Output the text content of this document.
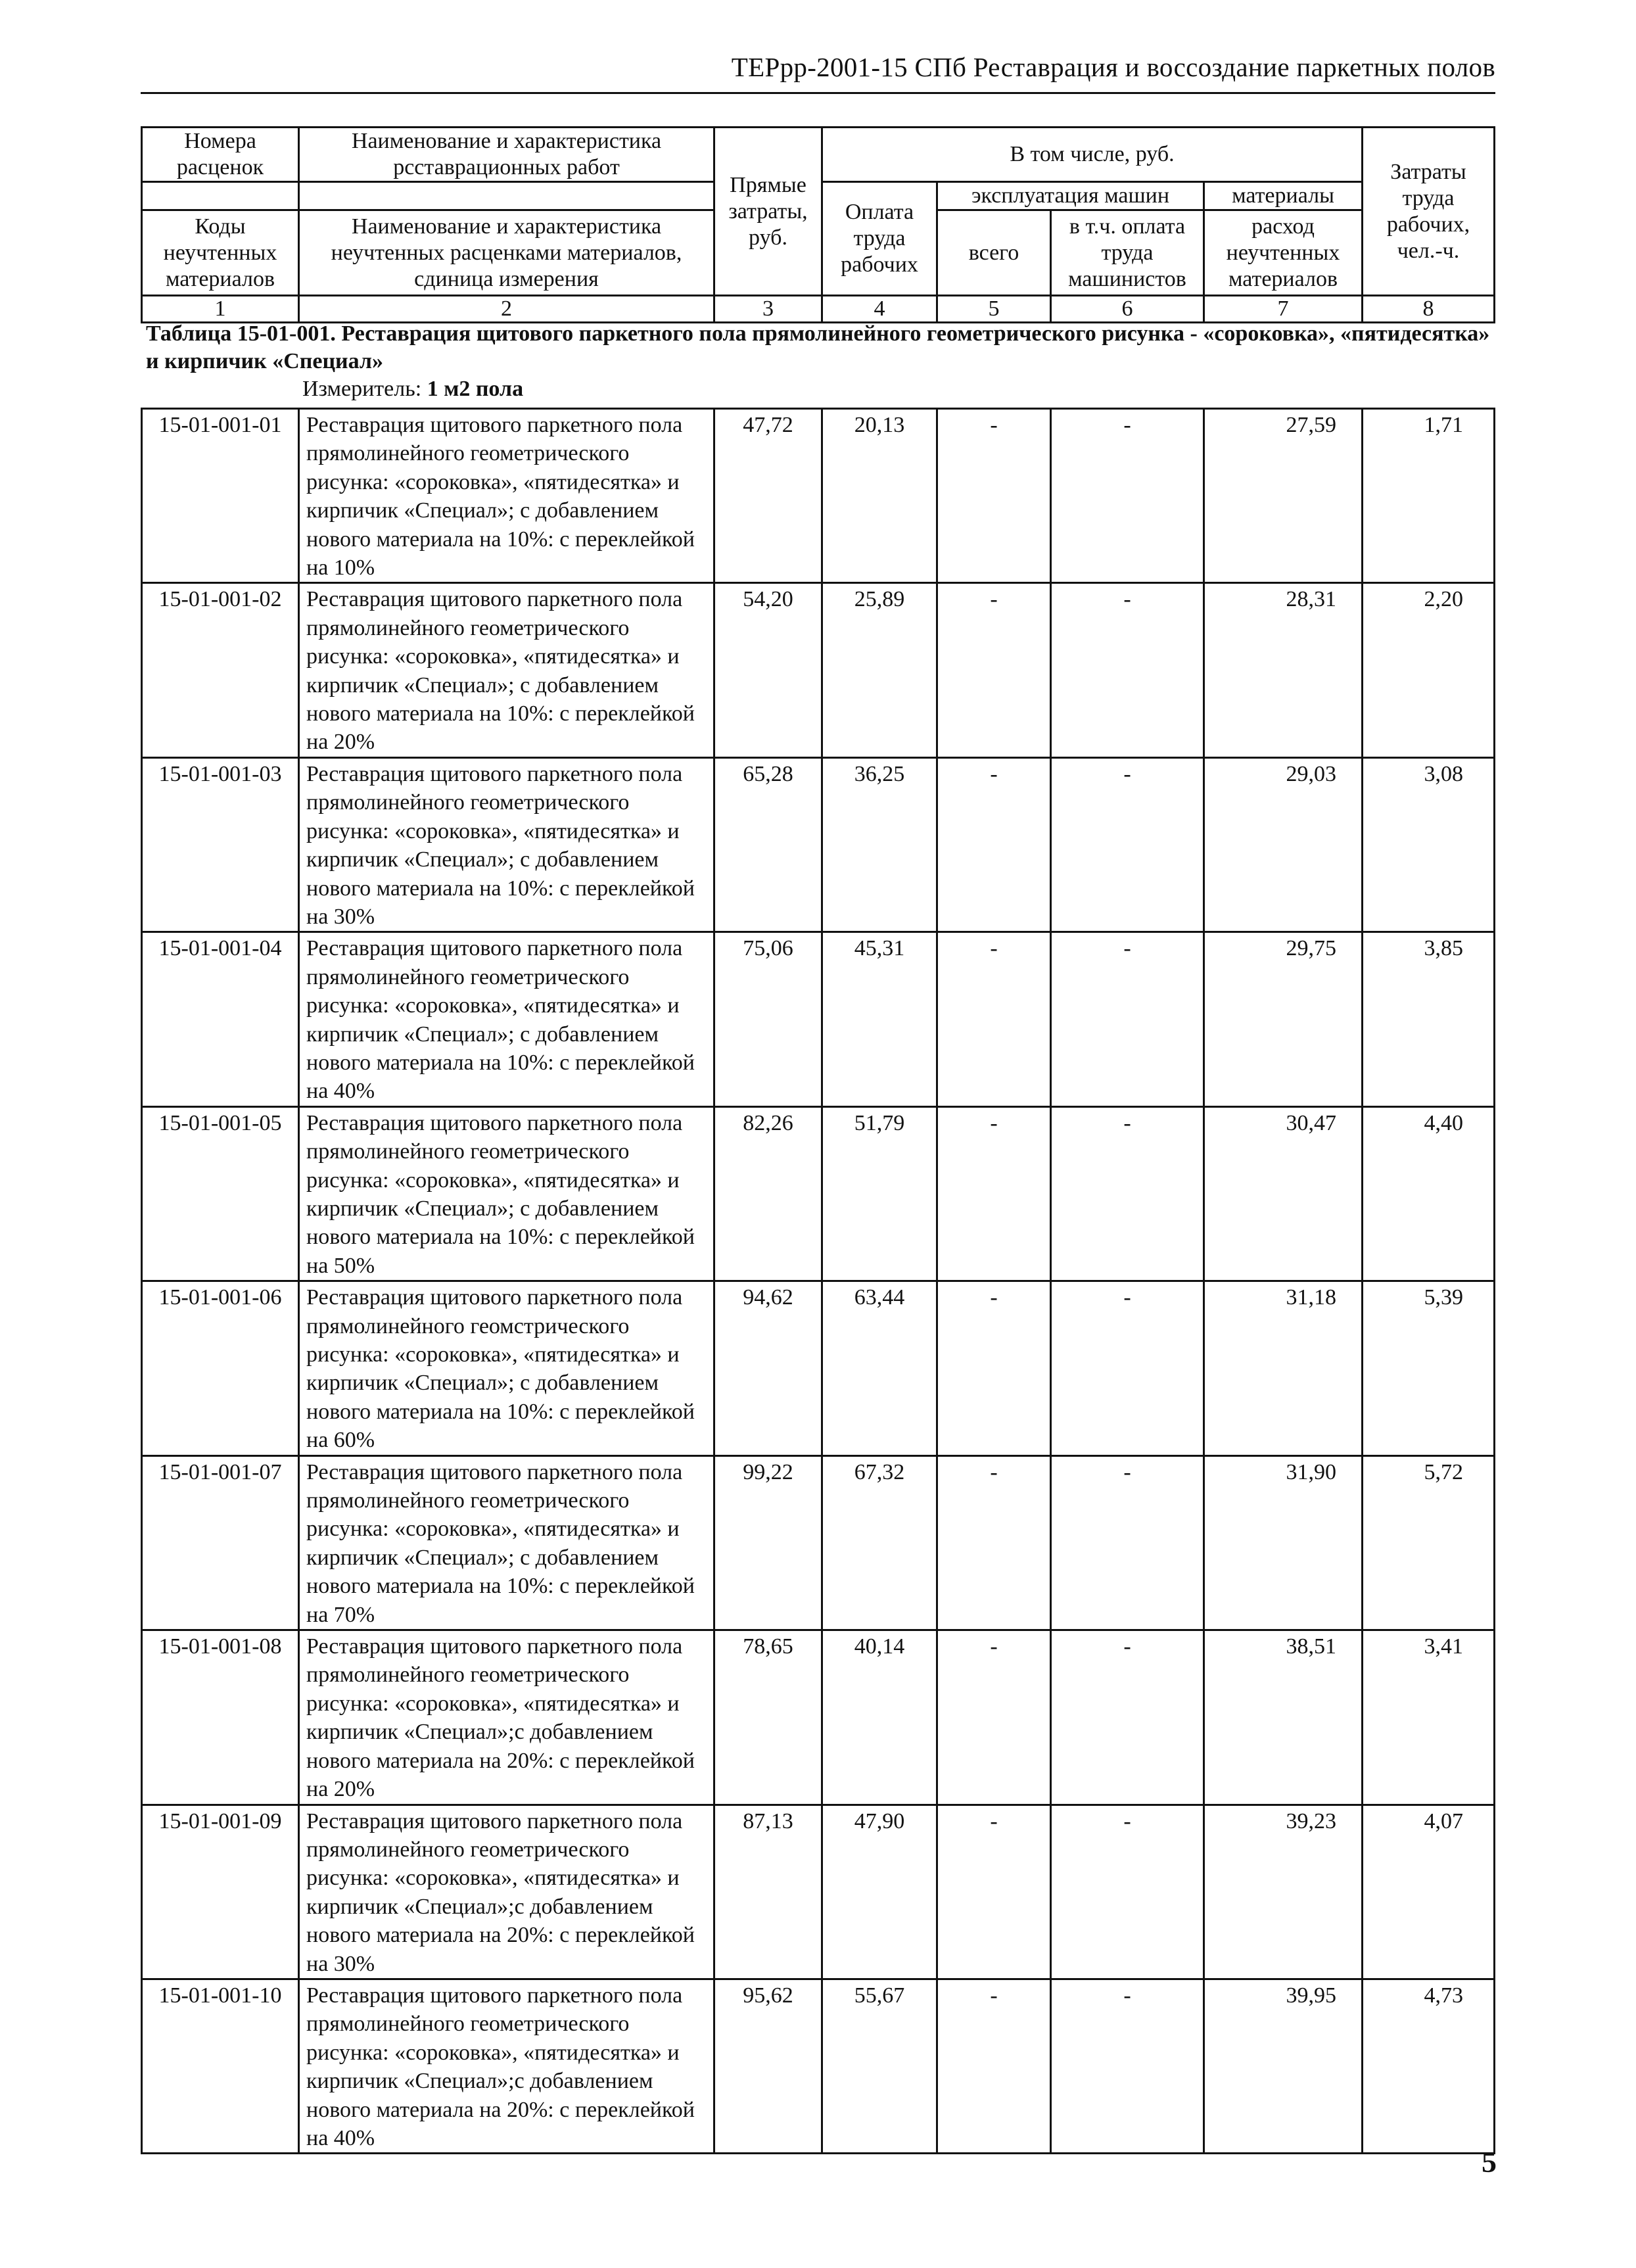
ТЕРрр-2001-15 СПб Реставрация и воссоздание паркетных полов
Номера расценок	Наименование и характеристика рсставрационных работ	Прямые затраты, руб.	В том числе, руб.				Затраты труда рабочих, чел.-ч.
			Оплата труда рабочих	эксплуатация машин		материалы	
Коды неучтенных материалов	Наименование и характеристика неучтенных расценками материалов, сдиница измерения			всего	в т.ч. оплата труда машинистов	расход неучтенных материалов	

1	2	3	4	5	6	7	8
Таблица 15-01-001. Реставрация щитового паркетного пола прямолинейного геометрического рисунка - «сороковка», «пятидесятка» и кирпичик «Специал»
Измеритель: 1 м2 пола
15-01-001-01	Реставрация щитового паркетного пола прямолинейного геометрического рисунка: «сороковка», «пятидесятка» и кирпичик «Специал»; с добавлением нового материала на 10%: с переклейкой на 10%	47,72	20,13	-	-	27,59	1,71
15-01-001-02	Реставрация щитового паркетного пола прямолинейного геометрического рисунка: «сороковка», «пятидесятка» и кирпичик «Специал»; с добавлением нового материала на 10%: с переклейкой на 20%	54,20	25,89	-	-	28,31	2,20
15-01-001-03	Реставрация щитового паркетного пола прямолинейного геометрического рисунка: «сороковка», «пятидесятка» и кирпичик «Специал»; с добавлением нового материала на 10%: с переклейкой на 30%	65,28	36,25	-	-	29,03	3,08
15-01-001-04	Реставрация щитового паркетного пола прямолинейного геометрического рисунка: «сороковка», «пятидесятка» и кирпичик «Специал»; с добавлением нового материала на 10%: с переклейкой на 40%	75,06	45,31	-	-	29,75	3,85
15-01-001-05	Реставрация щитового паркетного пола прямолинейного геометрического рисунка: «сороковка», «пятидесятка» и кирпичик «Специал»; с добавлением нового материала на 10%: с переклейкой на 50%	82,26	51,79	-	-	30,47	4,40
15-01-001-06	Реставрация щитового паркетного пола прямолинейного геомстрического рисунка: «сороковка», «пятидесятка» и кирпичик «Специал»; с добавлением нового материала на 10%: с переклейкой на 60%	94,62	63,44	-	-	31,18	5,39
15-01-001-07	Реставрация щитового паркетного пола прямолинейного геометрического рисунка: «сороковка», «пятидесятка» и кирпичик «Специал»; с добавлением нового материала на 10%: с переклейкой на 70%	99,22	67,32	-	-	31,90	5,72
15-01-001-08	Реставрация щитового паркетного пола прямолинейного геометрического рисунка: «сороковка», «пятидесятка» и кирпичик «Специал»;с добавлением нового материала на 20%: с переклейкой на 20%	78,65	40,14	-	-	38,51	3,41
15-01-001-09	Реставрация щитового паркетного пола прямолинейного геометрического рисунка: «сороковка», «пятидесятка» и кирпичик «Специал»;с добавлением нового материала на 20%: с переклейкой на 30%	87,13	47,90	-	-	39,23	4,07
15-01-001-10	Реставрация щитового паркетного пола прямолинейного геометрического рисунка: «сороковка», «пятидесятка» и кирпичик «Специал»;с добавлением нового материала на 20%: с переклейкой на 40%	95,62	55,67	-	-	39,95	4,73
5
